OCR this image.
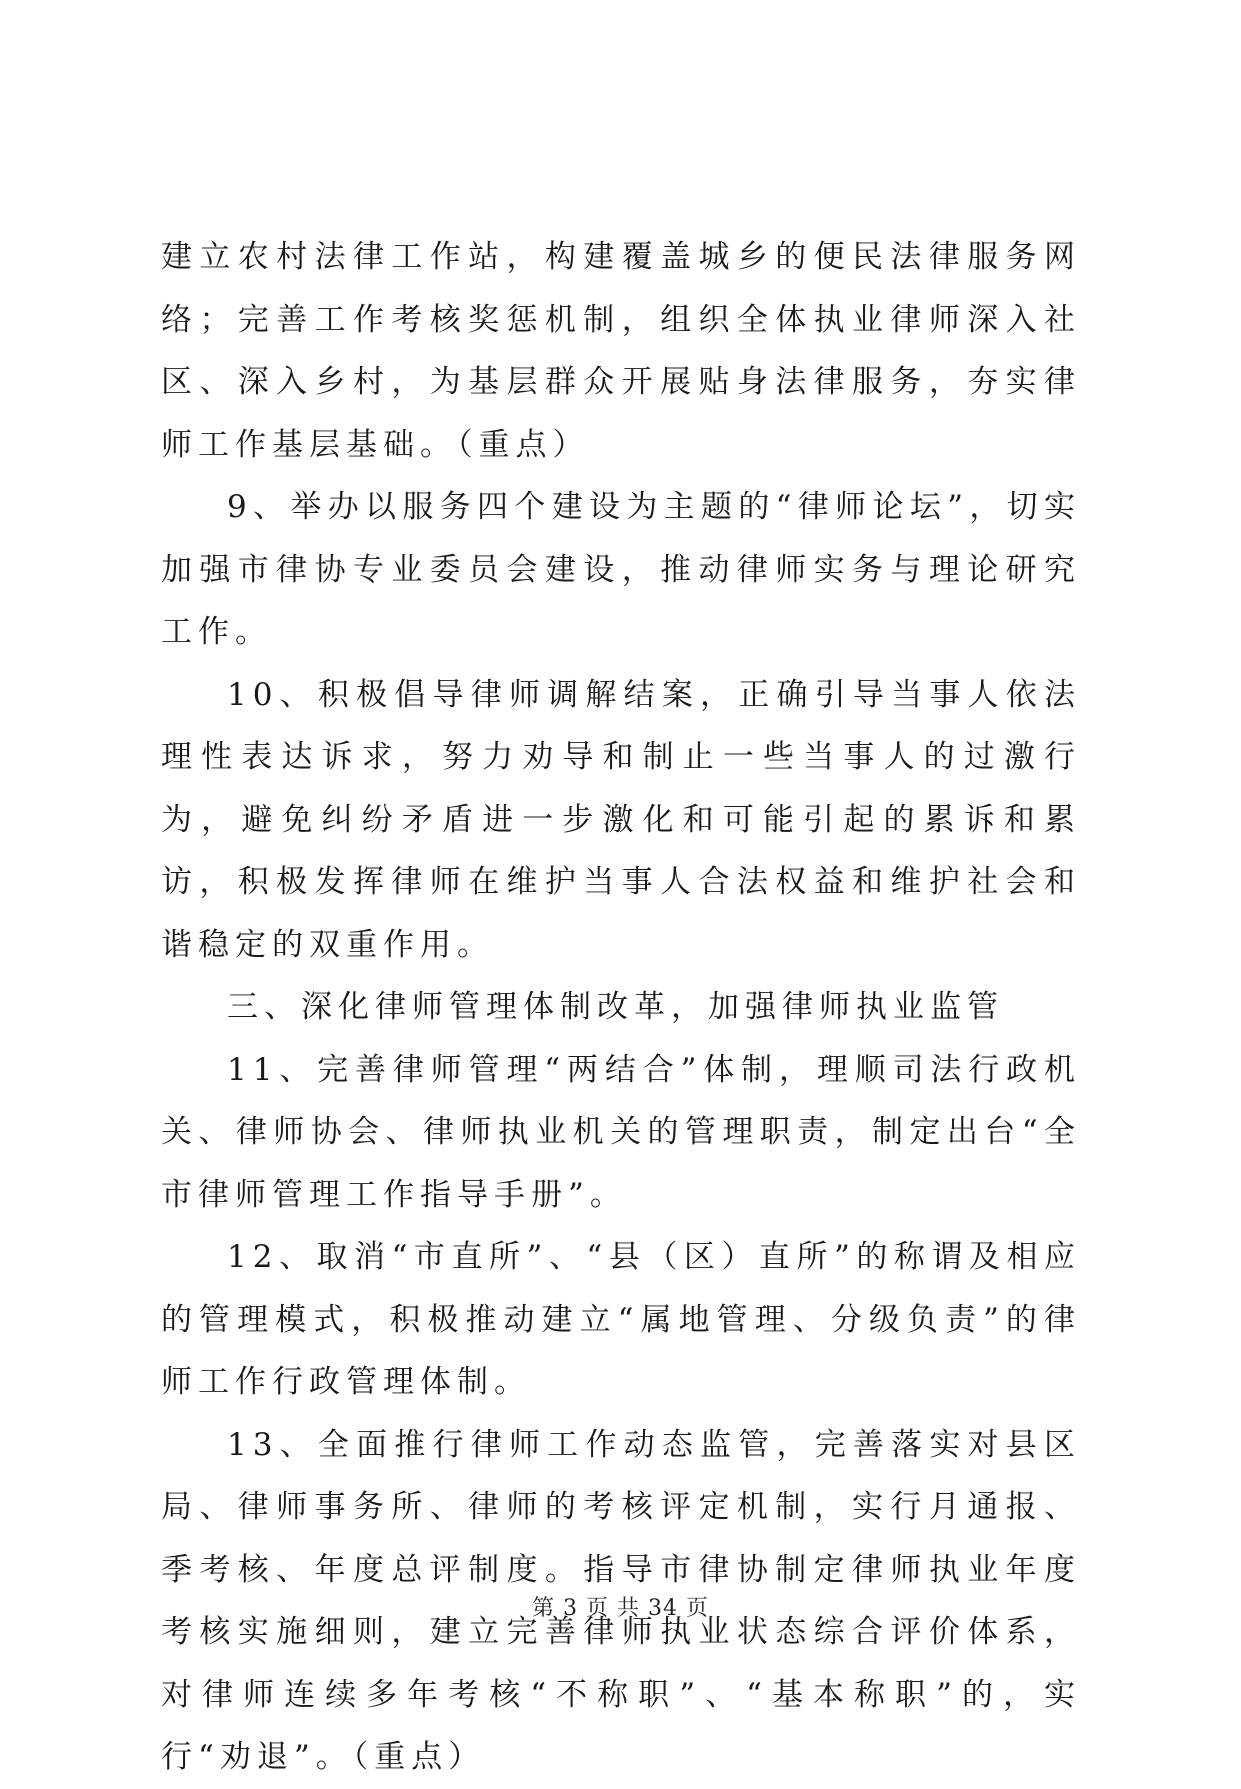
建立农村法律工作站，构建覆盖城乡的便民法律服务网络；完善工作考核奖惩机制，组织全体执业律师深入社区、深入乡村，为基层群众开展贴身法律服务，夯实律师工作基层基础。（重点）

9、举办以服务四个建设为主题的“律师论坛”，切实加强市律协专业委员会建设，推动律师实务与理论研究工作。

10、积极倡导律师调解结案，正确引导当事人依法理性表达诉求，努力劝导和制止一些当事人的过激行为，避免纠纷矛盾进一步激化和可能引起的累诉和累访，积极发挥律师在维护当事人合法权益和维护社会和谐稳定的双重作用。

三、深化律师管理体制改革，加强律师执业监管

11、完善律师管理“两结合”体制，理顺司法行政机关、律师协会、律师执业机关的管理职责，制定出台“全市律师管理工作指导手册”。

12、取消“市直所”、“县（区）直所”的称谓及相应的管理模式，积极推动建立“属地管理、分级负责”的律师工作行政管理体制。

13、全面推行律师工作动态监管，完善落实对县区局、律师事务所、律师的考核评定机制，实行月通报、季考核、年度总评制度。指导市律协制定律师执业年度考核实施细则，建立完善律师执业状态综合评价体系，对律师连续多年考核“不称职”、“基本称职”的，实行“劝退”。（重点）

第 3 页 共 34 页
